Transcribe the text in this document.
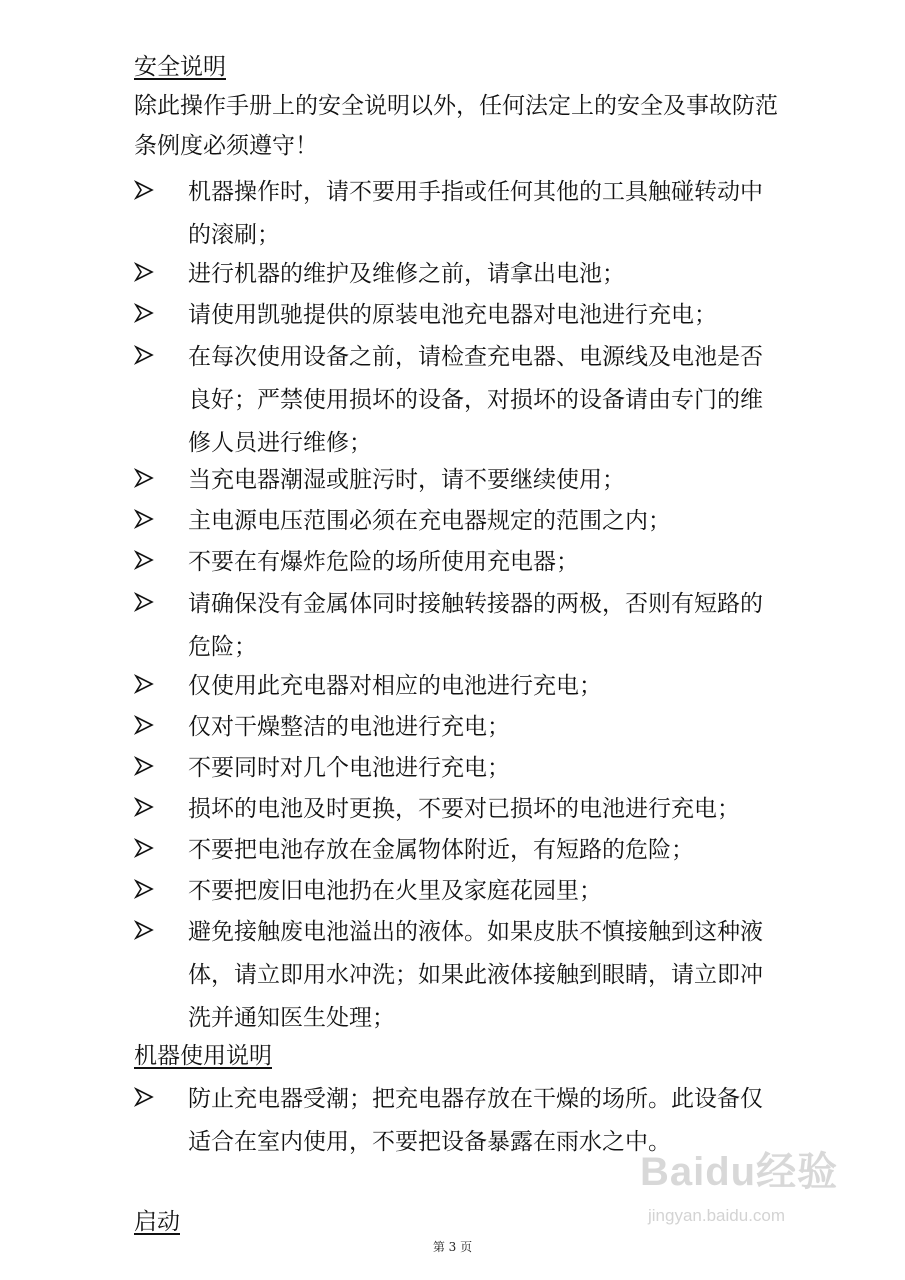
安全说明
除此操作手册上的安全说明以外，任何法定上的安全及事故防范条例度必须遵守！
机器操作时，请不要用手指或任何其他的工具触碰转动中的滚刷；
进行机器的维护及维修之前，请拿出电池；
请使用凯驰提供的原装电池充电器对电池进行充电；
在每次使用设备之前，请检查充电器、电源线及电池是否良好；严禁使用损坏的设备，对损坏的设备请由专门的维修人员进行维修；
当充电器潮湿或脏污时，请不要继续使用；
主电源电压范围必须在充电器规定的范围之内；
不要在有爆炸危险的场所使用充电器；
请确保没有金属体同时接触转接器的两极，否则有短路的危险；
仅使用此充电器对相应的电池进行充电；
仅对干燥整洁的电池进行充电；
不要同时对几个电池进行充电；
损坏的电池及时更换，不要对已损坏的电池进行充电；
不要把电池存放在金属物体附近，有短路的危险；
不要把废旧电池扔在火里及家庭花园里；
避免接触废电池溢出的液体。如果皮肤不慎接触到这种液体，请立即用水冲洗；如果此液体接触到眼睛，请立即冲洗并通知医生处理；
机器使用说明
防止充电器受潮；把充电器存放在干燥的场所。此设备仅适合在室内使用，不要把设备暴露在雨水之中。
启动
Baidu经验
jingyan.baidu.com
第 3 页
